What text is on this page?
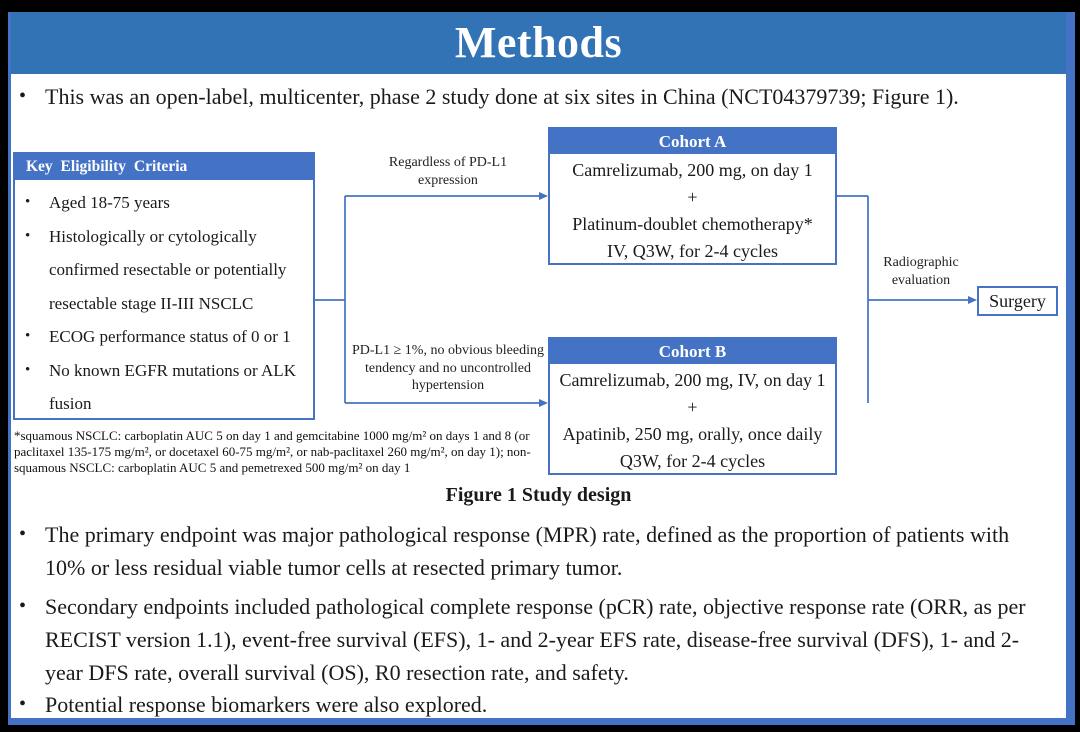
Methods
• This was an open-label, multicenter, phase 2 study done at six sites in China (NCT04379739; Figure 1).
Key Eligibility Criteria
•	Aged 18-75 years
•	Histologically or cytologically confirmed resectable or potentially resectable stage II-III NSCLC
•	ECOG performance status of 0 or 1
•	No known EGFR mutations or ALK fusion
Regardless of PD-L1 expression
PD-L1 ≥ 1%, no obvious bleeding tendency and no uncontrolled hypertension
Cohort A
Camrelizumab, 200 mg, on day 1
+
Platinum-doublet chemotherapy*
IV, Q3W, for 2-4 cycles
Cohort B
Camrelizumab, 200 mg, IV, on day 1
+
Apatinib, 250 mg, orally, once daily
Q3W, for 2-4 cycles
Radiographic evaluation
Surgery
*squamous NSCLC: carboplatin AUC 5 on day 1 and gemcitabine 1000 mg/m² on days 1 and 8 (or paclitaxel 135-175 mg/m², or docetaxel 60-75 mg/m², or nab-paclitaxel 260 mg/m², on day 1); non-squamous NSCLC: carboplatin AUC 5 and pemetrexed 500 mg/m² on day 1
Figure 1 Study design
• The primary endpoint was major pathological response (MPR) rate, defined as the proportion of patients with 10% or less residual viable tumor cells at resected primary tumor.
• Secondary endpoints included pathological complete response (pCR) rate, objective response rate (ORR, as per RECIST version 1.1), event-free survival (EFS), 1- and 2-year EFS rate, disease-free survival (DFS), 1- and 2-year DFS rate, overall survival (OS), R0 resection rate, and safety.
• Potential response biomarkers were also explored.
